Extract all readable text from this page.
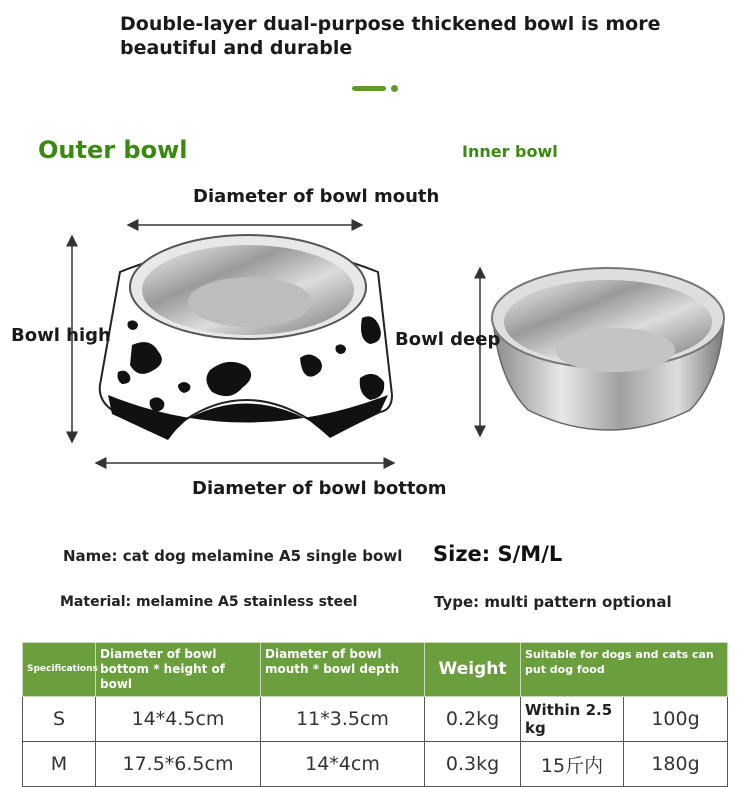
Double-layer dual-purpose thickened bowl is more beautiful and durable
Outer bowl	Inner bowl
Diameter of bowl mouth
Bowl high	Bowl deep
Diameter of bowl bottom
Name: cat dog melamine A5 single bowl Size: S/M/L
Material: melamine A5 stainless steel	Type: multi pattern optional
Specifications	Diameter of bowl bottom * height of bowl	Diameter of bowl mouth * bowl depth	Weight	Suitable for dogs and cats can put dog food	
S	14*4.5cm	11*3.5cm	0.2kg	Within 2.5 kg	100g
M	17.5*6.5cm	14*4cm	0.3kg	15斤内	180g
